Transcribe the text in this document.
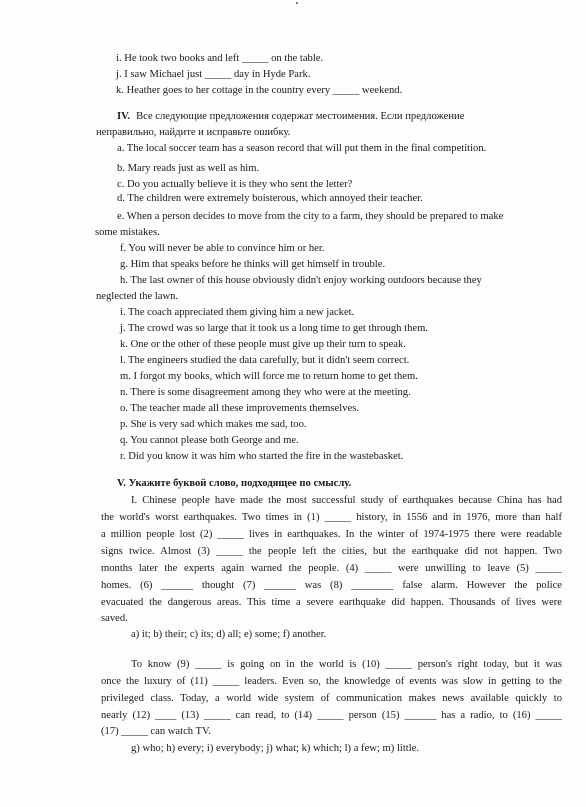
i. He took two books and left _____ on the table.
j. I saw Michael just _____ day in Hyde Park.
k. Heather goes to her cottage in the country every _____ weekend.
IV. Все следующие предложения содержат местоимения. Если предложение
неправильно, найдите и исправьте ошибку.
a. The local soccer team has a season record that will put them in the final competition.
b. Mary reads just as well as him.
c. Do you actually believe it is they who sent the letter?
d. The children were extremely boisterous, which annoyed their teacher.
e. When a person decides to move from the city to a farm, they should be prepared to make
some mistakes.
f. You will never be able to convince him or her.
g. Him that speaks before he thinks will get himself in trouble.
h. The last owner of this house obviously didn't enjoy working outdoors because they
neglected the lawn.
i. The coach appreciated them giving him a new jacket.
j. The crowd was so large that it took us a long time to get through them.
k. One or the other of these people must give up their turn to speak.
l. The engineers studied the data carefully, but it didn't seem correct.
m. I forgot my books, which will force me to return home to get them.
n. There is some disagreement among they who were at the meeting.
o. The teacher made all these improvements themselves.
p. She is very sad which makes me sad, too.
q. You cannot please both George and me.
r. Did you know it was him who started the fire in the wastebasket.
V. Укажите буквой слово, подходящее по смыслу.
I. Chinese people have made the most successful study of earthquakes because China has had
the world's worst earthquakes. Two times in (1) _____ history, in 1556 and in 1976, more than half
a million people lost (2) _____ lives in earthquakes. In the winter of 1974-1975 there were readable
signs twice. Almost (3) _____ the people left the cities, but the earthquake did not happen. Two
months later the experts again warned the people. (4) _____ were unwilling to leave (5) _____
homes. (6) ______ thought (7) ______ was (8) ________ false alarm. However the police
evacuated the dangerous areas. This time a severe earthquake did happen. Thousands of lives were
saved.
a) it; b) their; c) its; d) all; e) some; f) another.
To know (9) _____ is going on in the world is (10) _____ person's right today, but it was
once the luxury of (11) _____ leaders. Even so, the knowledge of events was slow in getting to the
privileged class. Today, a world wide system of communication makes news available quickly to
nearly (12) ____ (13) _____ can read, to (14) _____ person (15) ______ has a radio, to (16) _____
(17) _____ can watch TV.
g) who; h) every; i) everybody; j) what; k) which; l) a few; m) little.
